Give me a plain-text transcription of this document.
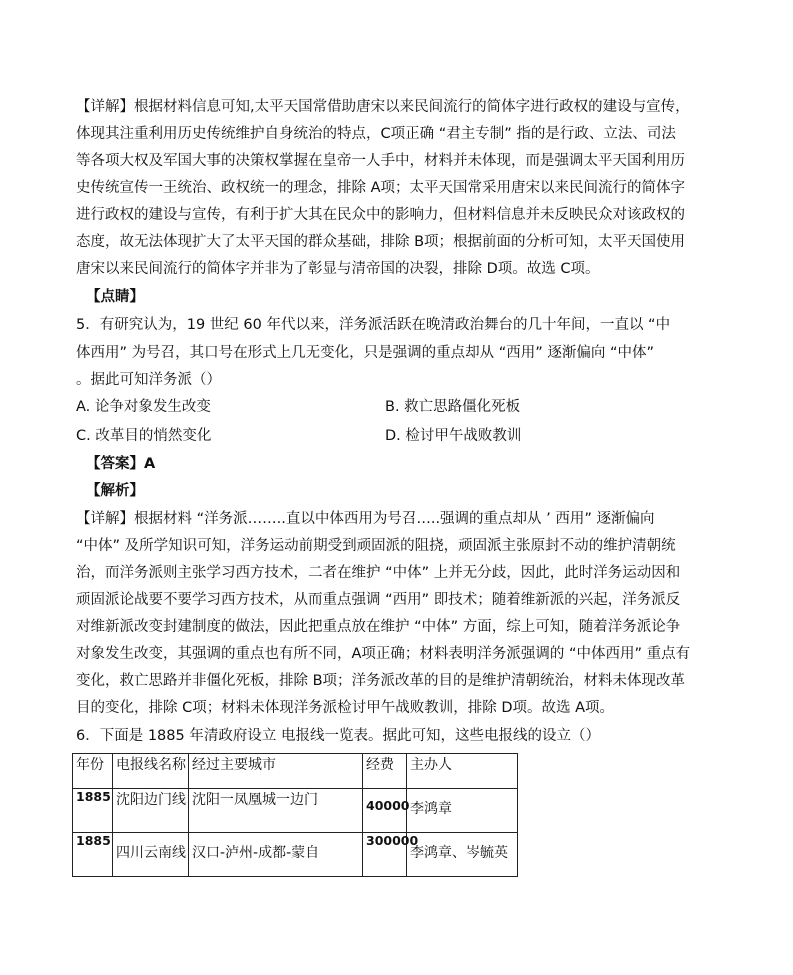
【详解】根据材料信息可知,太平天国常借助唐宋以来民间流行的简体字进行政权的建设与宣传，
体现其注重利用历史传统维护自身统治的特点，C项正确 “君主专制” 指的是行政、立法、司法
等各项大权及军国大事的决策权掌握在皇帝一人手中，材料并未体现，而是强调太平天国利用历
史传统宣传一王统治、政权统一的理念，排除 A项；太平天国常采用唐宋以来民间流行的简体字
进行政权的建设与宣传，有利于扩大其在民众中的影响力，但材料信息并未反映民众对该政权的
态度，故无法体现扩大了太平天国的群众基础，排除 B项；根据前面的分析可知，太平天国使用
唐宋以来民间流行的简体字并非为了彰显与清帝国的决裂，排除 D项。故选 C项。
【点睛】
5．有研究认为，19 世纪 60 年代以来，洋务派活跃在晚清政治舞台的几十年间，一直以 “中
体西用” 为号召，其口号在形式上几无变化，只是强调的重点却从 “西用” 逐渐偏向 “中体”
。据此可知洋务派（）
A. 论争对象发生改变	B. 救亡思路僵化死板
C. 改革目的悄然变化	D. 检讨甲午战败教训
【答案】A
【解析】
【详解】根据材料 “洋务派……..直以中体西用为号召…..强调的重点却从 ’ 西用” 逐渐偏向
“中体” 及所学知识可知，洋务运动前期受到顽固派的阻挠，顽固派主张原封不动的维护清朝统
治，而洋务派则主张学习西方技术，二者在维护 “中体” 上并无分歧，因此，此时洋务运动因和
顽固派论战要不要学习西方技术，从而重点强调 “西用” 即技术；随着维新派的兴起，洋务派反
对维新派改变封建制度的做法，因此把重点放在维护 “中体” 方面，综上可知，随着洋务派论争
对象发生改变，其强调的重点也有所不同，A项正确；材料表明洋务派强调的 “中体西用” 重点有
变化，救亡思路并非僵化死板，排除 B项；洋务派改革的目的是维护清朝统治，材料未体现改革
目的变化，排除 C项；材料未体现洋务派检讨甲午战败教训，排除 D项。故选 A项。
6．下面是 1885 年清政府设立 电报线一览表。据此可知，这些电报线的设立（）
年份	电报线名称	经过主要城市	经费	主办人
1885	沈阳边门线	沈阳一凤凰城一边门	40000	李鸿章
1885	四川云南线	汉口-泸州-成都-蒙自	300000	李鸿章、岑毓英
